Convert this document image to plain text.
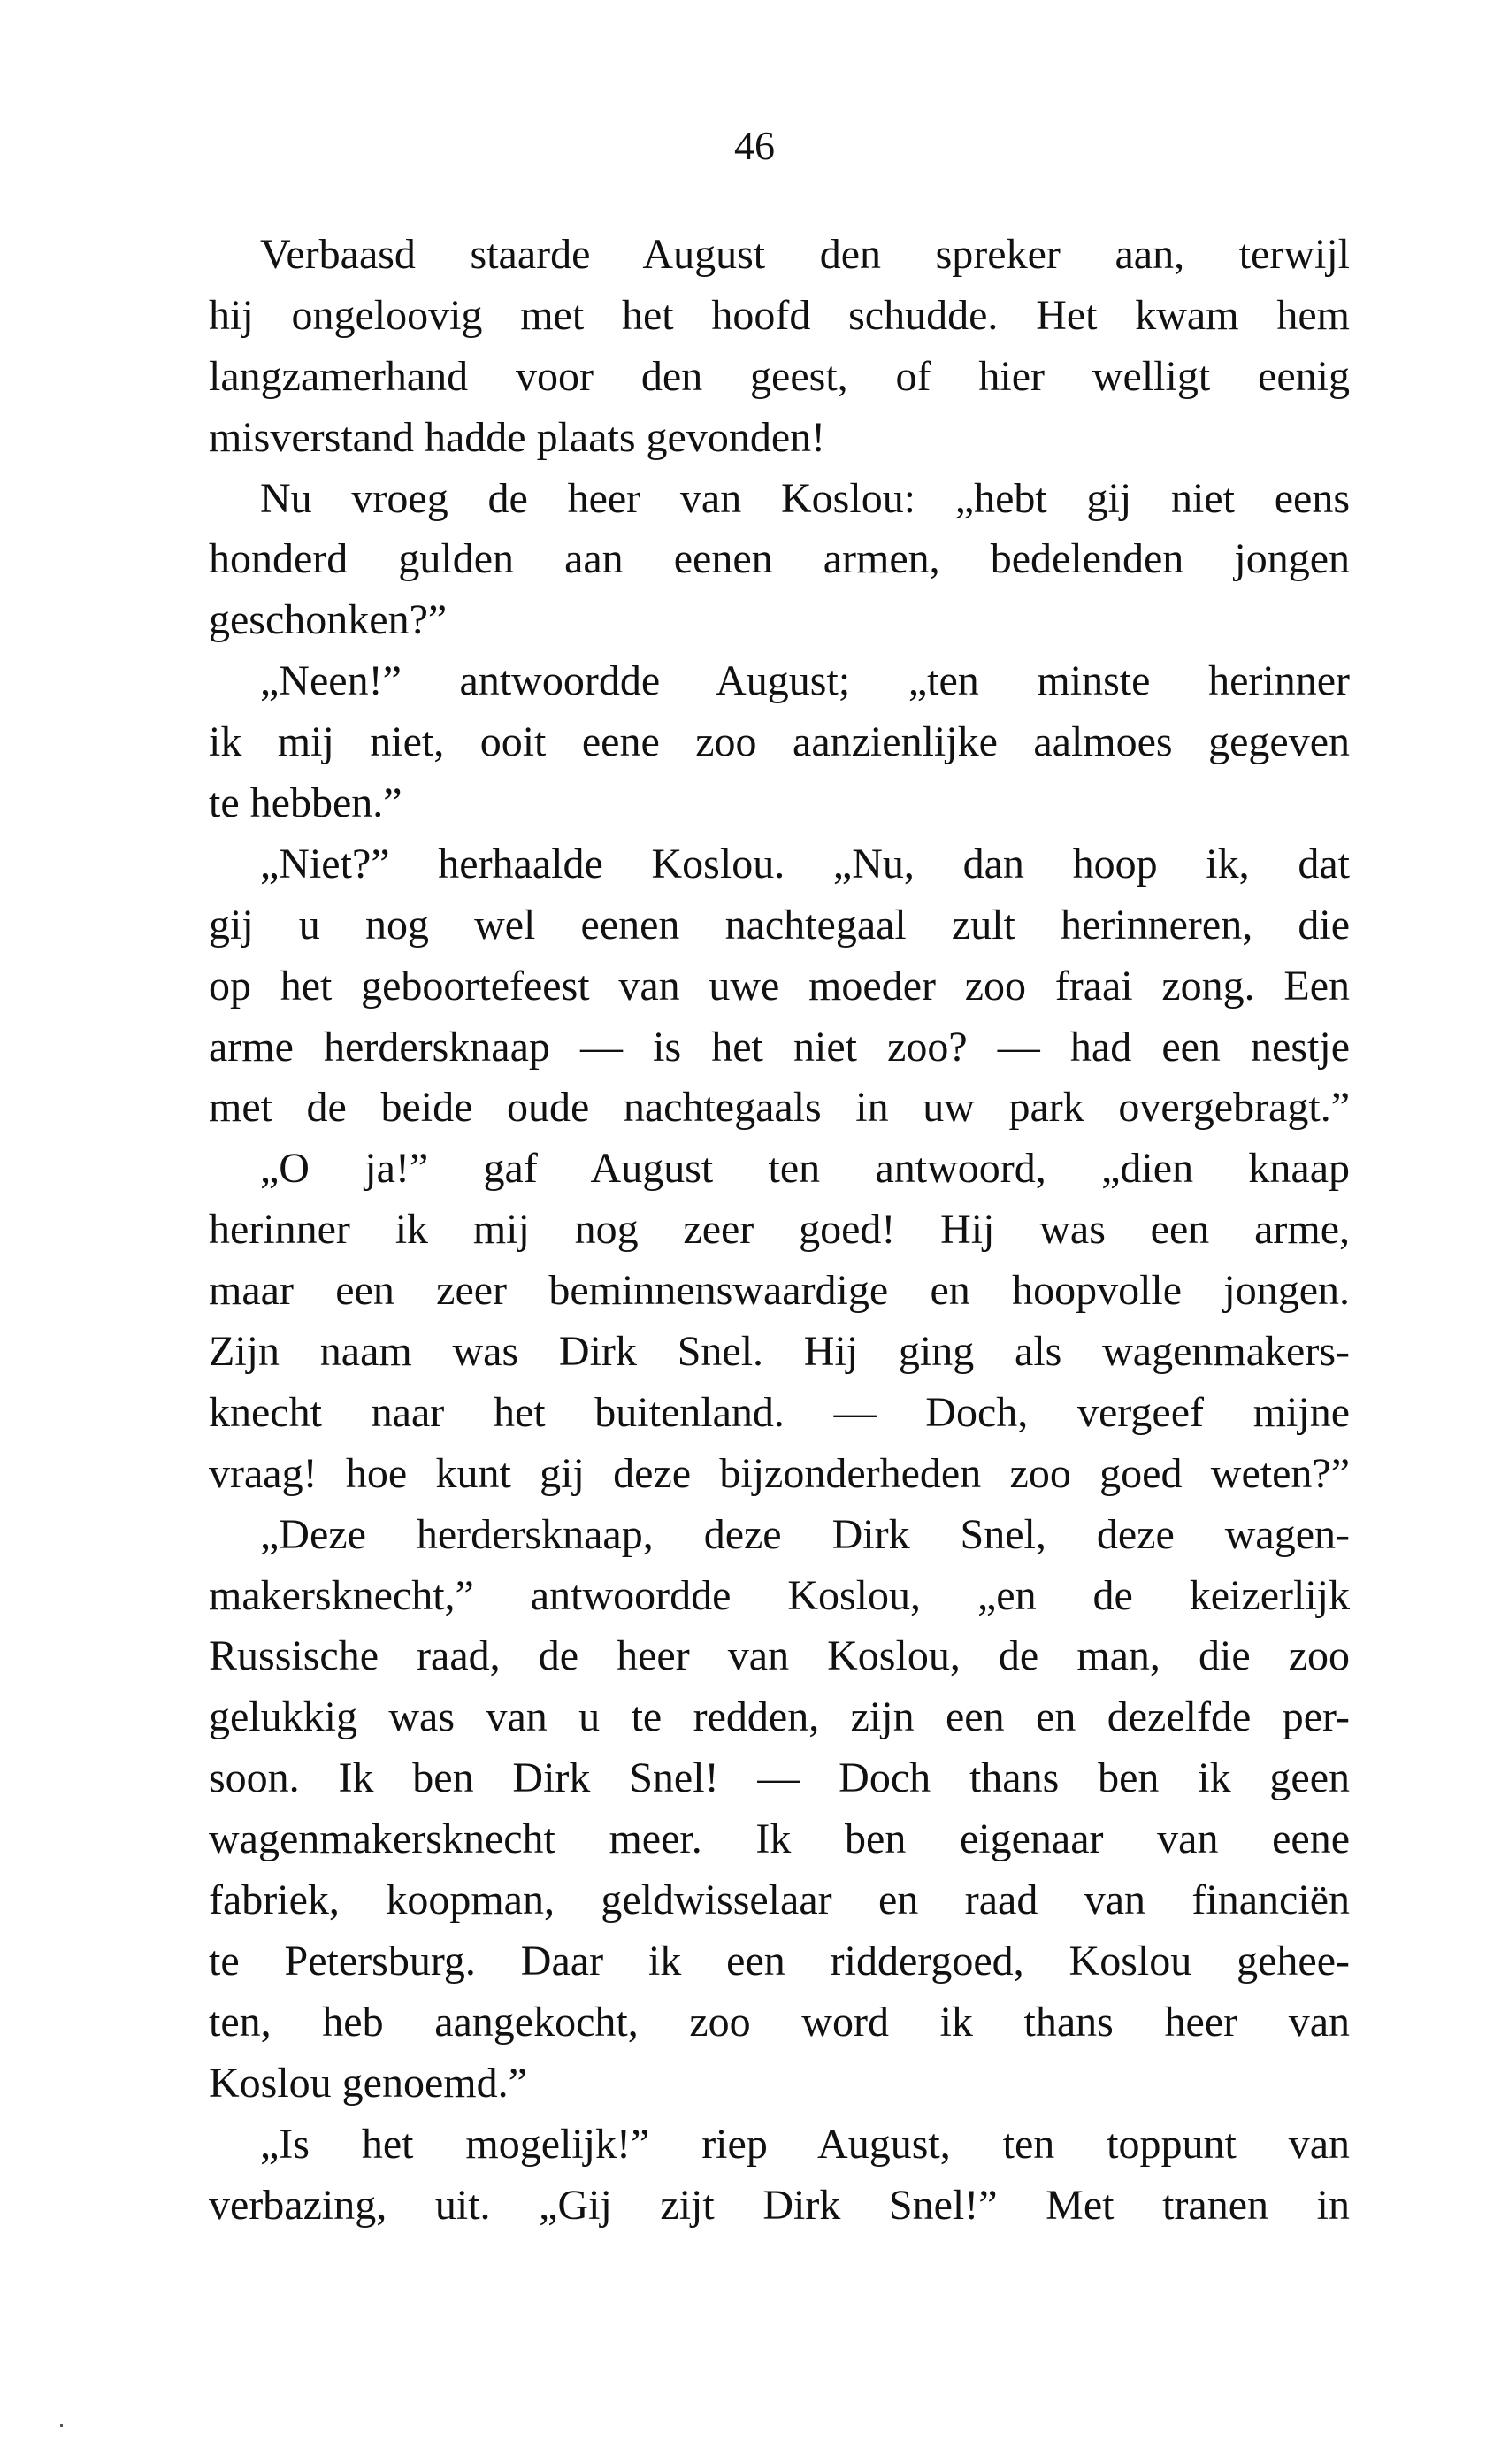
46
Verbaasd staarde August den spreker aan, terwijl
hij ongeloovig met het hoofd schudde. Het kwam hem
langzamerhand voor den geest, of hier welligt eenig
misverstand hadde plaats gevonden!
Nu vroeg de heer van Koslou: „hebt gij niet eens
honderd gulden aan eenen armen, bedelenden jongen
geschonken?”
„Neen!” antwoordde August; „ten minste herinner
ik mij niet, ooit eene zoo aanzienlijke aalmoes gegeven
te hebben.”
„Niet?” herhaalde Koslou. „Nu, dan hoop ik, dat
gij u nog wel eenen nachtegaal zult herinneren, die
op het geboortefeest van uwe moeder zoo fraai zong. Een
arme herdersknaap — is het niet zoo? — had een nestje
met de beide oude nachtegaals in uw park overgebragt.”
„O ja!” gaf August ten antwoord, „dien knaap
herinner ik mij nog zeer goed! Hij was een arme,
maar een zeer beminnenswaardige en hoopvolle jongen.
Zijn naam was Dirk Snel. Hij ging als wagenmakers-
knecht naar het buitenland. — Doch, vergeef mijne
vraag! hoe kunt gij deze bijzonderheden zoo goed weten?”
„Deze herdersknaap, deze Dirk Snel, deze wagen-
makersknecht,” antwoordde Koslou, „en de keizerlijk
Russische raad, de heer van Koslou, de man, die zoo
gelukkig was van u te redden, zijn een en dezelfde per-
soon. Ik ben Dirk Snel! — Doch thans ben ik geen
wagenmakersknecht meer. Ik ben eigenaar van eene
fabriek, koopman, geldwisselaar en raad van financiën
te Petersburg. Daar ik een riddergoed, Koslou gehee-
ten, heb aangekocht, zoo word ik thans heer van
Koslou genoemd.”
„Is het mogelijk!” riep August, ten toppunt van
verbazing, uit. „Gij zijt Dirk Snel!” Met tranen in
